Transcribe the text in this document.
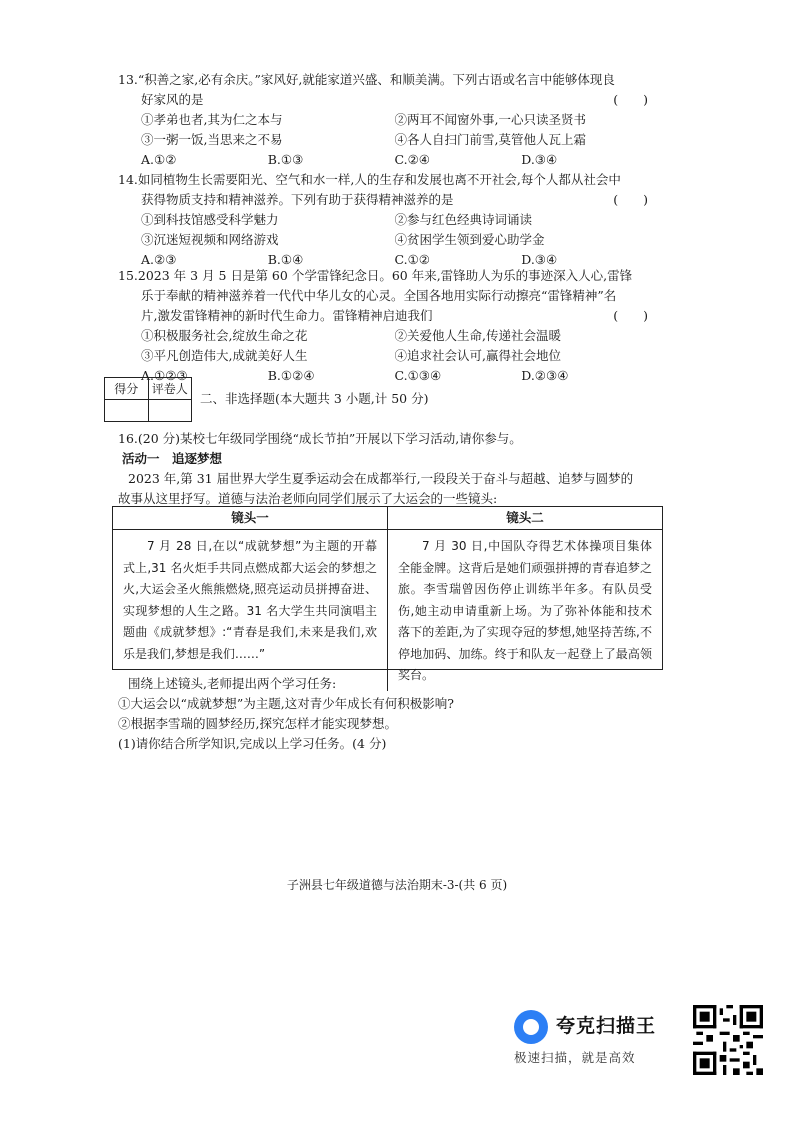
13.“积善之家,必有余庆。”家风好,就能家道兴盛、和顺美满。下列古语或名言中能够体现良

好家风的是	(　　)

①孝弟也者,其为仁之本与	②两耳不闻窗外事,一心只读圣贤书
③一粥一饭,当思来之不易	④各人自扫门前雪,莫管他人瓦上霜
A.①②	B.①③	C.②④	D.③④

14.如同植物生长需要阳光、空气和水一样,人的生存和发展也离不开社会,每个人都从社会中

获得物质支持和精神滋养。下列有助于获得精神滋养的是	(　　)

①到科技馆感受科学魅力	②参与红色经典诗词诵读
③沉迷短视频和网络游戏	④贫困学生领到爱心助学金
A.②③	B.①④	C.①②	D.③④

15.2023 年 3 月 5 日是第 60 个学雷锋纪念日。60 年来,雷锋助人为乐的事迹深入人心,雷锋

乐于奉献的精神滋养着一代代中华儿女的心灵。全国各地用实际行动擦亮“雷锋精神”名

片,激发雷锋精神的新时代生命力。雷锋精神启迪我们	(　　)

①积极服务社会,绽放生命之花	②关爱他人生命,传递社会温暖
③平凡创造伟大,成就美好人生	④追求社会认可,赢得社会地位
A.①②③	B.①②④	C.①③④	D.②③④
得分	评卷人

二、非选择题(本大题共 3 小题,计 50 分)

16.(20 分)某校七年级同学围绕“成长节拍”开展以下学习活动,请你参与。

活动一　追逐梦想

2023 年,第 31 届世界大学生夏季运动会在成都举行,一段段关于奋斗与超越、追梦与圆梦的

故事从这里抒写。道德与法治老师向同学们展示了大运会的一些镜头:

镜头一	镜头二
7 月 28 日,在以“成就梦想”为主题的开幕式上,31 名火炬手共同点燃成都大运会的梦想之火,大运会圣火熊熊燃烧,照亮运动员拼搏奋进、实现梦想的人生之路。31 名大学生共同演唱主题曲《成就梦想》:“青春是我们,未来是我们,欢乐是我们,梦想是我们……”
7 月 30 日,中国队夺得艺术体操项目集体全能金牌。这背后是她们顽强拼搏的青春追梦之旅。李雪瑞曾因伤停止训练半年多。有队员受伤,她主动申请重新上场。为了弥补体能和技术落下的差距,为了实现夺冠的梦想,她坚持苦练,不停地加码、加练。终于和队友一起登上了最高领奖台。

围绕上述镜头,老师提出两个学习任务:

①大运会以“成就梦想”为主题,这对青少年成长有何积极影响?

②根据李雪瑞的圆梦经历,探究怎样才能实现梦想。

(1)请你结合所学知识,完成以上学习任务。(4 分)

子洲县七年级道德与法治期末-3-(共 6 页)
夸克扫描王
极速扫描，就是高效
